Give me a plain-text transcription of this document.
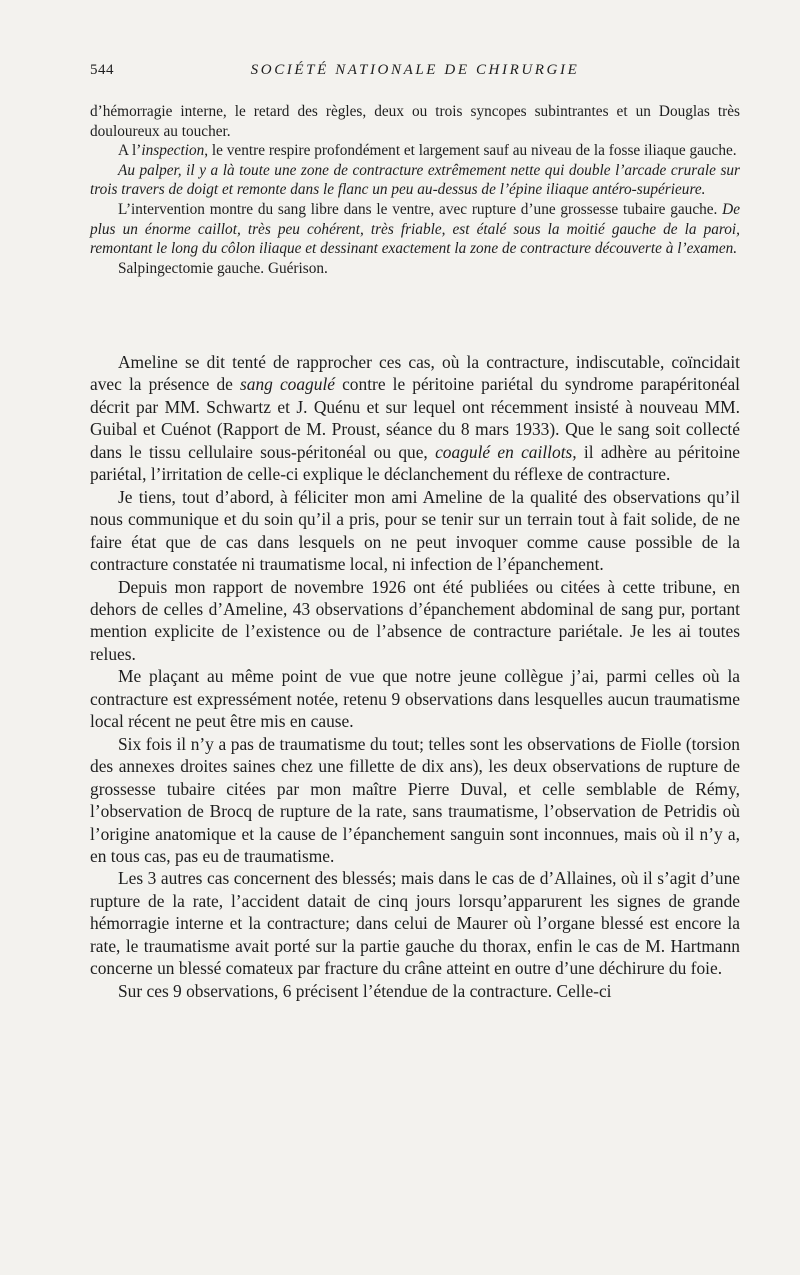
544	SOCIÉTÉ NATIONALE DE CHIRURGIE

d’hémorragie interne, le retard des règles, deux ou trois syncopes subintrantes et un Douglas très douloureux au toucher.

A l’inspection, le ventre respire profondément et largement sauf au niveau de la fosse iliaque gauche.

Au palper, il y a là toute une zone de contracture extrêmement nette qui double l’arcade crurale sur trois travers de doigt et remonte dans le flanc un peu au-dessus de l’épine iliaque antéro-supérieure.

L’intervention montre du sang libre dans le ventre, avec rupture d’une grossesse tubaire gauche. De plus un énorme caillot, très peu cohérent, très friable, est étalé sous la moitié gauche de la paroi, remontant le long du côlon iliaque et dessinant exactement la zone de contracture découverte à l’examen.

Salpingectomie gauche. Guérison.

Ameline se dit tenté de rapprocher ces cas, où la contracture, indiscutable, coïncidait avec la présence de sang coagulé contre le péritoine pariétal du syndrome parapéritonéal décrit par MM. Schwartz et J. Quénu et sur lequel ont récemment insisté à nouveau MM. Guibal et Cuénot (Rapport de M. Proust, séance du 8 mars 1933). Que le sang soit collecté dans le tissu cellulaire sous-péritonéal ou que, coagulé en caillots, il adhère au péritoine pariétal, l’irritation de celle-ci explique le déclanchement du réflexe de contracture.

Je tiens, tout d’abord, à féliciter mon ami Ameline de la qualité des observations qu’il nous communique et du soin qu’il a pris, pour se tenir sur un terrain tout à fait solide, de ne faire état que de cas dans lesquels on ne peut invoquer comme cause possible de la contracture constatée ni traumatisme local, ni infection de l’épanchement.

Depuis mon rapport de novembre 1926 ont été publiées ou citées à cette tribune, en dehors de celles d’Ameline, 43 observations d’épanchement abdominal de sang pur, portant mention explicite de l’existence ou de l’absence de contracture pariétale. Je les ai toutes relues.

Me plaçant au même point de vue que notre jeune collègue j’ai, parmi celles où la contracture est expressément notée, retenu 9 observations dans lesquelles aucun traumatisme local récent ne peut être mis en cause.

Six fois il n’y a pas de traumatisme du tout; telles sont les observations de Fiolle (torsion des annexes droites saines chez une fillette de dix ans), les deux observations de rupture de grossesse tubaire citées par mon maître Pierre Duval, et celle semblable de Rémy, l’observation de Brocq de rupture de la rate, sans traumatisme, l’observation de Petridis où l’origine anatomique et la cause de l’épanchement sanguin sont inconnues, mais où il n’y a, en tous cas, pas eu de traumatisme.

Les 3 autres cas concernent des blessés; mais dans le cas de d’Allaines, où il s’agit d’une rupture de la rate, l’accident datait de cinq jours lorsqu’apparurent les signes de grande hémorragie interne et la contracture; dans celui de Maurer où l’organe blessé est encore la rate, le traumatisme avait porté sur la partie gauche du thorax, enfin le cas de M. Hartmann concerne un blessé comateux par fracture du crâne atteint en outre d’une déchirure du foie.

Sur ces 9 observations, 6 précisent l’étendue de la contracture. Celle-ci
